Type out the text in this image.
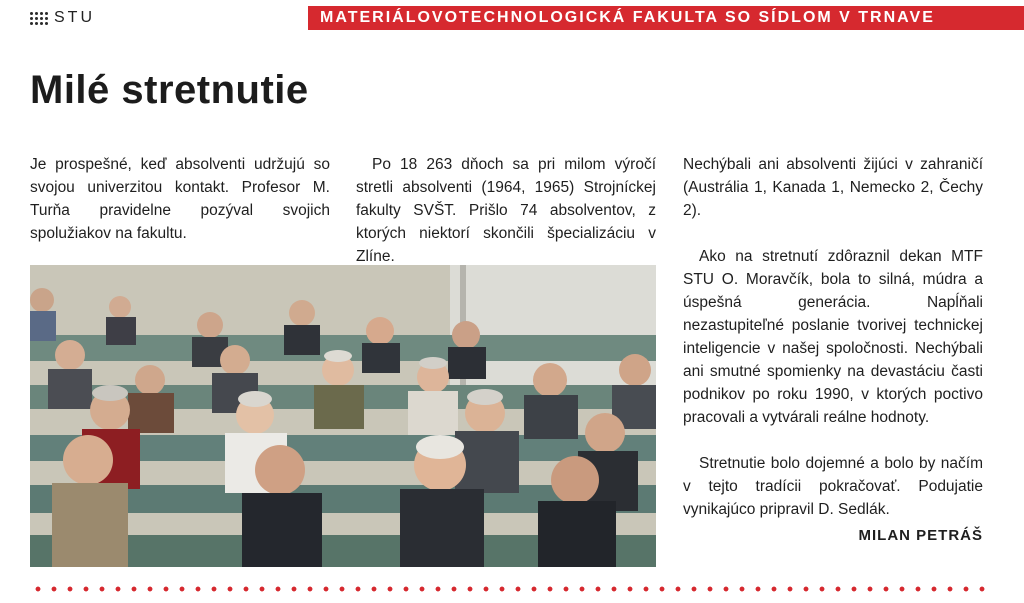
STU	MATERIÁLOVOTECHNOLOGICKÁ FAKULTA SO SÍDLOM V TRNAVE
Milé stretnutie

Je prospešné, keď absolventi udržujú so svojou univerzitou kontakt. Profesor M. Turňa pravidelne pozýval svojich spolužiakov na fakultu.

Po 18 263 dňoch sa pri milom výročí stretli absolventi (1964, 1965) Strojníckej fakulty SVŠT. Prišlo 74 absolventov, z ktorých niektorí skončili špecializáciu v Zlíne.

Nechýbali ani absolventi žijúci v zahraničí (Austrália 1, Kanada 1, Nemecko 2, Čechy 2).

Ako na stretnutí zdôraznil dekan MTF STU O. Moravčík, bola to silná, múdra a úspešná generácia. Napĺňali nezastupiteľné poslanie tvorivej technickej inteligencie v našej spoločnosti. Nechýbali ani smutné spomienky na devastáciu časti podnikov po roku 1990, v ktorých poctivo pracovali a vytvárali reálne hodnoty.

Stretnutie bolo dojemné a bolo by načím v tejto tradícii pokračovať. Podujatie vynikajúco pripravil D. Sedlák.

MILAN PETRÁŠ
